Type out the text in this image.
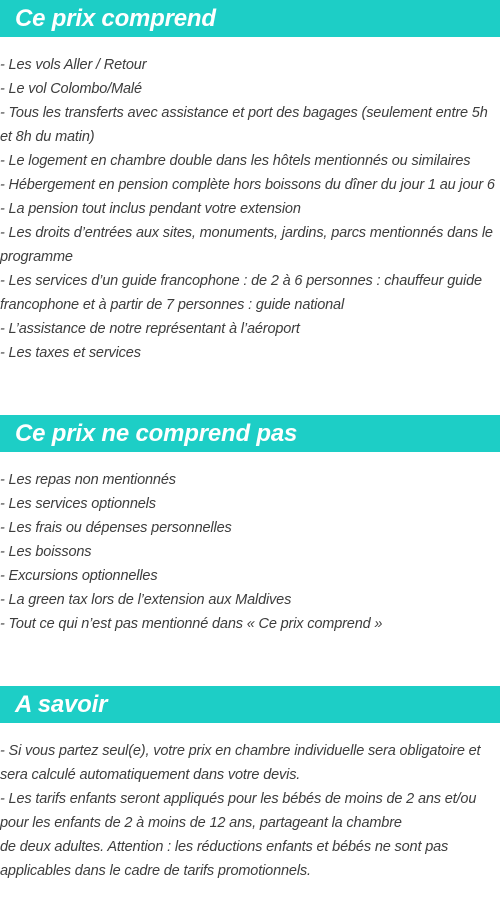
Ce prix comprend
- Les vols Aller / Retour
- Le vol Colombo/Malé
- Tous les transferts avec assistance et port des bagages (seulement entre 5h et 8h du matin)
- Le logement en chambre double dans les hôtels mentionnés ou similaires
- Hébergement en pension complète hors boissons du dîner du jour 1 au jour 6
- La pension tout inclus pendant votre extension
- Les droits d’entrées aux sites, monuments, jardins, parcs mentionnés dans le programme
- Les services d’un guide francophone : de 2 à 6 personnes : chauffeur guide francophone et à partir de 7 personnes : guide national
- L’assistance de notre représentant à l’aéroport
- Les taxes et services
Ce prix ne comprend pas
- Les repas non mentionnés
- Les services optionnels
- Les frais ou dépenses personnelles
- Les boissons
- Excursions optionnelles
- La green tax lors de l’extension aux Maldives
- Tout ce qui n’est pas mentionné dans « Ce prix comprend »
A savoir
- Si vous partez seul(e), votre prix en chambre individuelle sera obligatoire et sera calculé automatiquement dans votre devis.
- Les tarifs enfants seront appliqués pour les bébés de moins de 2 ans et/ou pour les enfants de 2 à moins de 12 ans, partageant la chambre
de deux adultes. Attention : les réductions enfants et bébés ne sont pas applicables dans le cadre de tarifs promotionnels.
